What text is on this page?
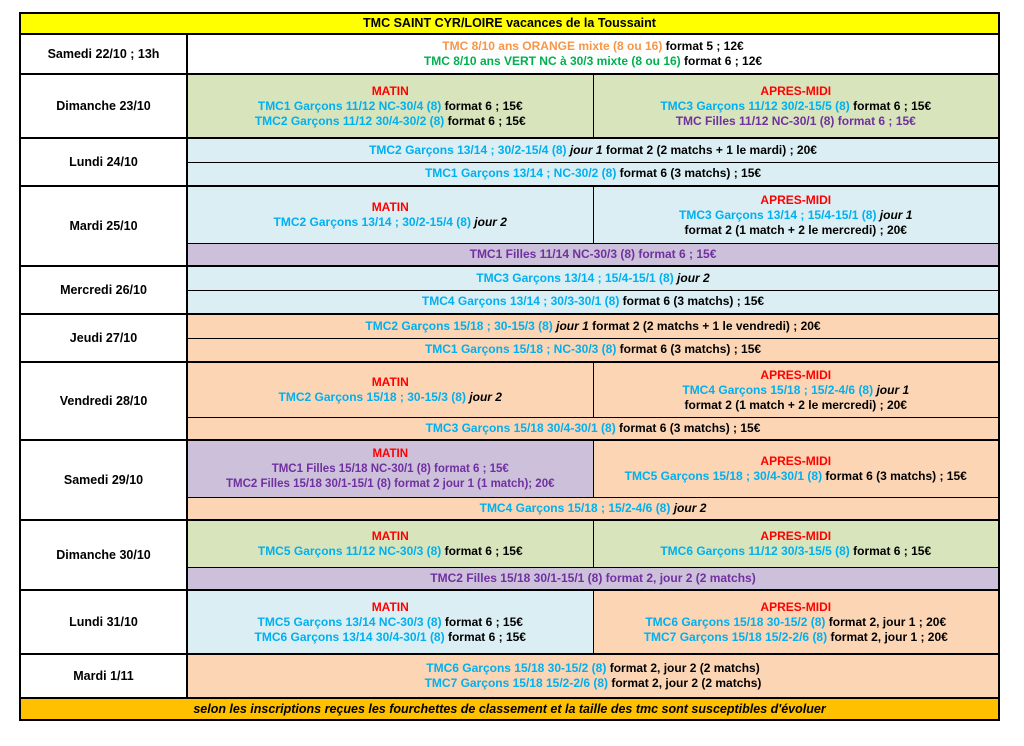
TMC SAINT CYR/LOIRE vacances de la Toussaint
Samedi 22/10 ; 13h
TMC 8/10 ans ORANGE mixte (8 ou 16) format 5 ; 12€
TMC 8/10 ans VERT NC à 30/3 mixte (8 ou 16) format 6 ; 12€
Dimanche 23/10
MATIN
TMC1 Garçons 11/12 NC-30/4 (8) format 6 ; 15€
TMC2 Garçons 11/12 30/4-30/2 (8) format 6 ; 15€
APRES-MIDI
TMC3 Garçons 11/12 30/2-15/5 (8) format 6 ; 15€
TMC Filles 11/12 NC-30/1 (8) format 6 ; 15€
Lundi 24/10
TMC2 Garçons 13/14 ; 30/2-15/4 (8) jour 1 format 2 (2 matchs + 1 le mardi) ; 20€
TMC1 Garçons 13/14 ; NC-30/2 (8) format 6 (3 matchs) ; 15€
Mardi 25/10
MATIN
TMC2 Garçons 13/14 ; 30/2-15/4 (8) jour 2
APRES-MIDI
TMC3 Garçons 13/14 ; 15/4-15/1 (8) jour 1
format 2 (1 match + 2 le mercredi) ; 20€
TMC1 Filles 11/14 NC-30/3 (8) format 6 ; 15€
Mercredi 26/10
TMC3 Garçons 13/14 ; 15/4-15/1 (8) jour 2
TMC4 Garçons 13/14 ; 30/3-30/1 (8) format 6 (3 matchs) ; 15€
Jeudi 27/10
TMC2 Garçons 15/18 ; 30-15/3 (8) jour 1 format 2 (2 matchs + 1 le vendredi) ; 20€
TMC1 Garçons 15/18 ; NC-30/3 (8) format 6 (3 matchs) ; 15€
Vendredi 28/10
MATIN
TMC2 Garçons 15/18 ; 30-15/3 (8) jour 2
APRES-MIDI
TMC4 Garçons 15/18 ; 15/2-4/6 (8) jour 1
format 2 (1 match + 2 le mercredi) ; 20€
TMC3 Garçons 15/18 30/4-30/1 (8) format 6 (3 matchs) ; 15€
Samedi 29/10
MATIN
TMC1 Filles 15/18 NC-30/1 (8) format 6 ; 15€
TMC2 Filles 15/18 30/1-15/1 (8) format 2 jour 1 (1 match); 20€
APRES-MIDI
TMC5 Garçons 15/18 ; 30/4-30/1 (8) format 6 (3 matchs) ; 15€
TMC4 Garçons 15/18 ; 15/2-4/6 (8) jour 2
Dimanche 30/10
MATIN
TMC5 Garçons 11/12 NC-30/3 (8) format 6 ; 15€
APRES-MIDI
TMC6 Garçons 11/12 30/3-15/5 (8) format 6 ; 15€
TMC2 Filles 15/18 30/1-15/1 (8) format 2, jour 2 (2 matchs)
Lundi 31/10
MATIN
TMC5 Garçons 13/14 NC-30/3 (8) format 6 ; 15€
TMC6 Garçons 13/14 30/4-30/1 (8) format 6 ; 15€
APRES-MIDI
TMC6 Garçons 15/18 30-15/2 (8) format 2, jour 1 ; 20€
TMC7 Garçons 15/18 15/2-2/6 (8) format 2, jour 1 ; 20€
Mardi 1/11
TMC6 Garçons 15/18 30-15/2 (8) format 2, jour 2 (2 matchs)
TMC7 Garçons 15/18 15/2-2/6 (8) format 2, jour 2 (2 matchs)
selon les inscriptions reçues les fourchettes de classement et la taille des tmc sont susceptibles d'évoluer
